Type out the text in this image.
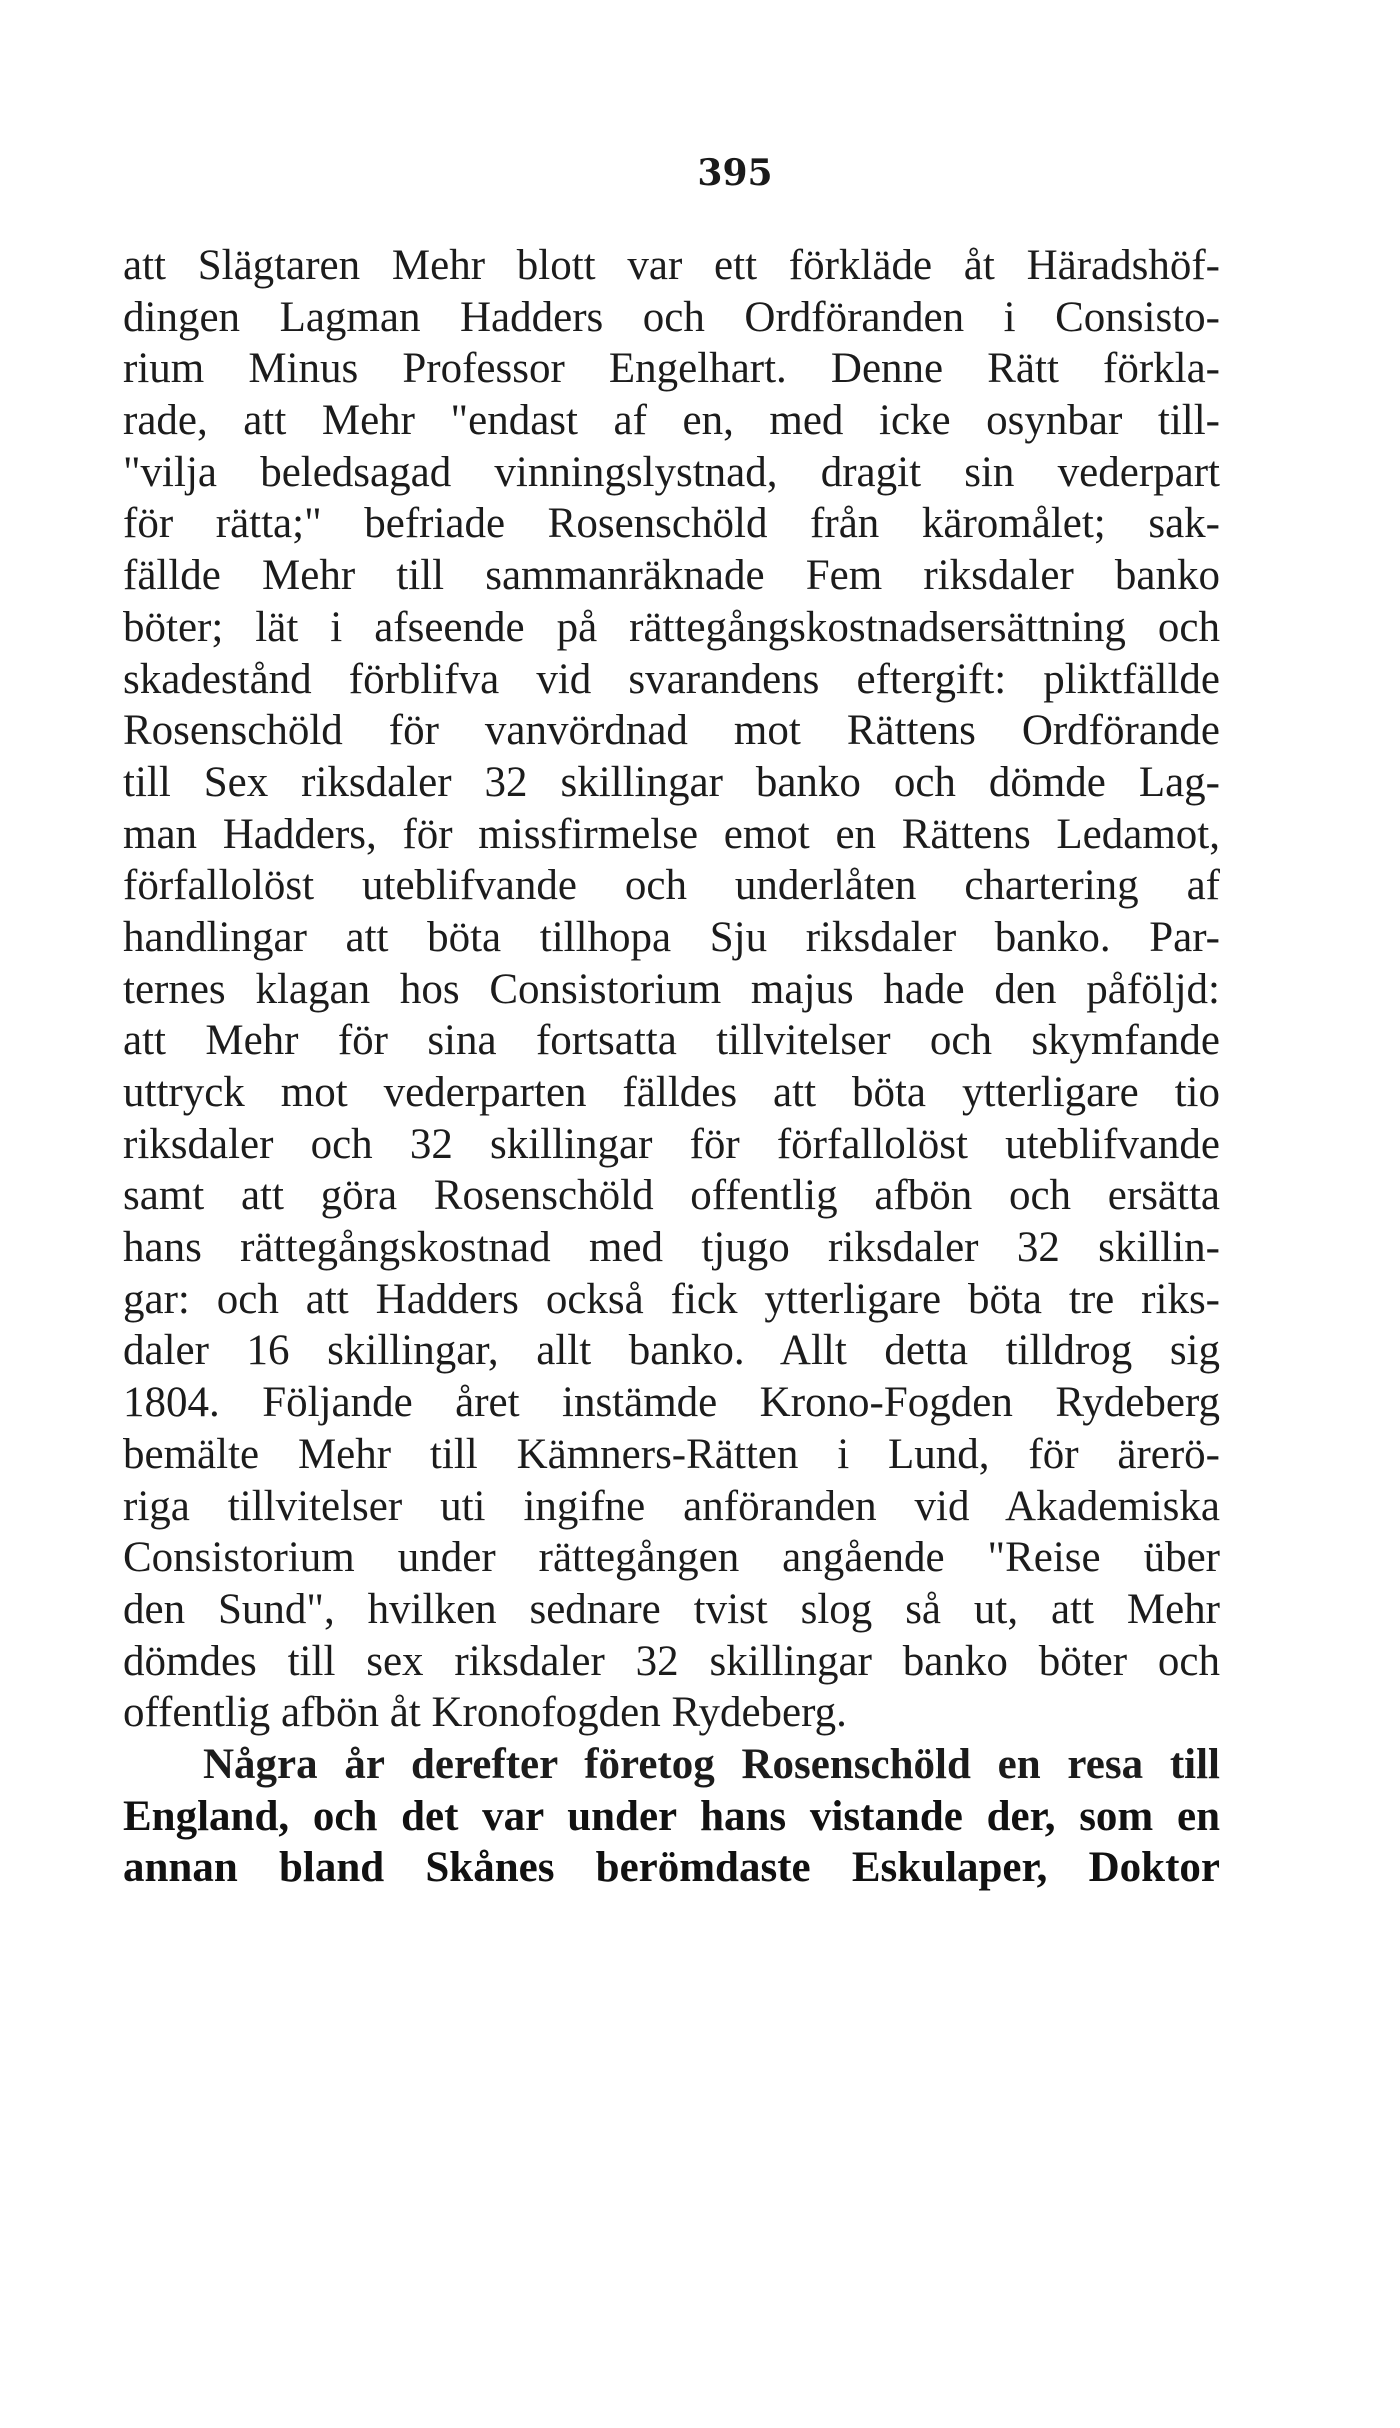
395
att Slägtaren Mehr blott var ett förkläde åt Häradshöf-
dingen Lagman Hadders och Ordföranden i Consisto-
rium Minus Professor Engelhart. Denne Rätt förkla-
rade, att Mehr "endast af en, med icke osynbar till-
"vilja beledsagad vinningslystnad, dragit sin vederpart
för rätta;" befriade Rosenschöld från käromålet; sak-
fällde Mehr till sammanräknade Fem riksdaler banko
böter; lät i afseende på rättegångskostnadsersättning och
skadestånd förblifva vid svarandens eftergift: pliktfällde
Rosenschöld för vanvördnad mot Rättens Ordförande
till Sex riksdaler 32 skillingar banko och dömde Lag-
man Hadders, för missfirmelse emot en Rättens Ledamot,
förfallolöst uteblifvande och underlåten chartering af
handlingar att böta tillhopa Sju riksdaler banko. Par-
ternes klagan hos Consistorium majus hade den påföljd:
att Mehr för sina fortsatta tillvitelser och skymfande
uttryck mot vederparten fälldes att böta ytterligare tio
riksdaler och 32 skillingar för förfallolöst uteblifvande
samt att göra Rosenschöld offentlig afbön och ersätta
hans rättegångskostnad med tjugo riksdaler 32 skillin-
gar: och att Hadders också fick ytterligare böta tre riks-
daler 16 skillingar, allt banko. Allt detta tilldrog sig
1804. Följande året instämde Krono-Fogden Rydeberg
bemälte Mehr till Kämners-Rätten i Lund, för ärerö-
riga tillvitelser uti ingifne anföranden vid Akademiska
Consistorium under rättegången angående "Reise über
den Sund", hvilken sednare tvist slog så ut, att Mehr
dömdes till sex riksdaler 32 skillingar banko böter och
offentlig afbön åt Kronofogden Rydeberg.
Några år derefter företog Rosenschöld en resa till
England, och det var under hans vistande der, som en
annan bland Skånes berömdaste Eskulaper, Doktor
